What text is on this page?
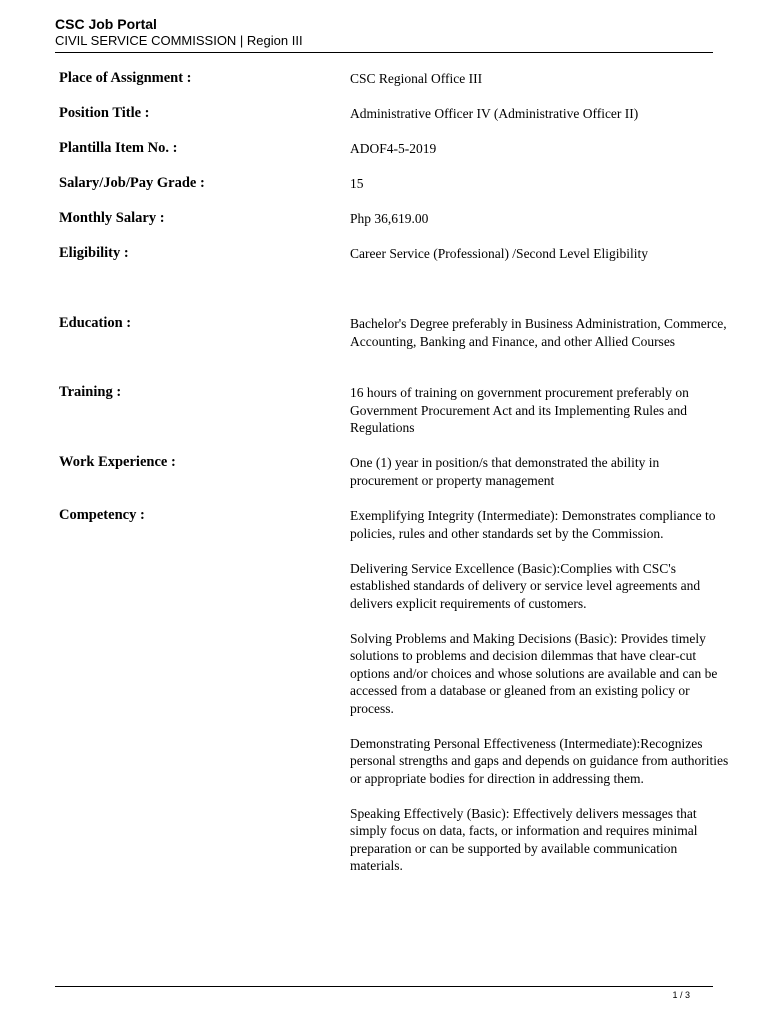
CSC Job Portal
CIVIL SERVICE COMMISSION | Region III
Place of Assignment :	CSC Regional Office III

Position Title :	Administrative Officer IV (Administrative Officer II)

Plantilla Item No. :	ADOF4-5-2019

Salary/Job/Pay Grade :	15

Monthly Salary :	Php 36,619.00

Eligibility :	Career Service (Professional) /Second Level Eligibility

Education :	Bachelor's Degree preferably in Business Administration, Commerce, Accounting, Banking and Finance, and other Allied Courses

Training :	16 hours of training on government procurement preferably on Government Procurement Act and its Implementing Rules and Regulations

Work Experience :	One (1) year in position/s that demonstrated the ability in procurement or property management

Competency :	Exemplifying Integrity (Intermediate): Demonstrates compliance to policies, rules and other standards set by the Commission.

Delivering Service Excellence (Basic):Complies with CSC's established standards of delivery or service level agreements and delivers explicit requirements of customers.

Solving Problems and Making Decisions (Basic): Provides timely solutions to problems and decision dilemmas that have clear-cut options and/or choices and whose solutions are available and can be accessed from a database or gleaned from an existing policy or process.

Demonstrating Personal Effectiveness (Intermediate):Recognizes personal strengths and gaps and depends on guidance from authorities or appropriate bodies for direction in addressing them.

Speaking Effectively (Basic): Effectively delivers messages that simply focus on data, facts, or information and requires minimal preparation or can be supported by available communication materials.

1 / 3
